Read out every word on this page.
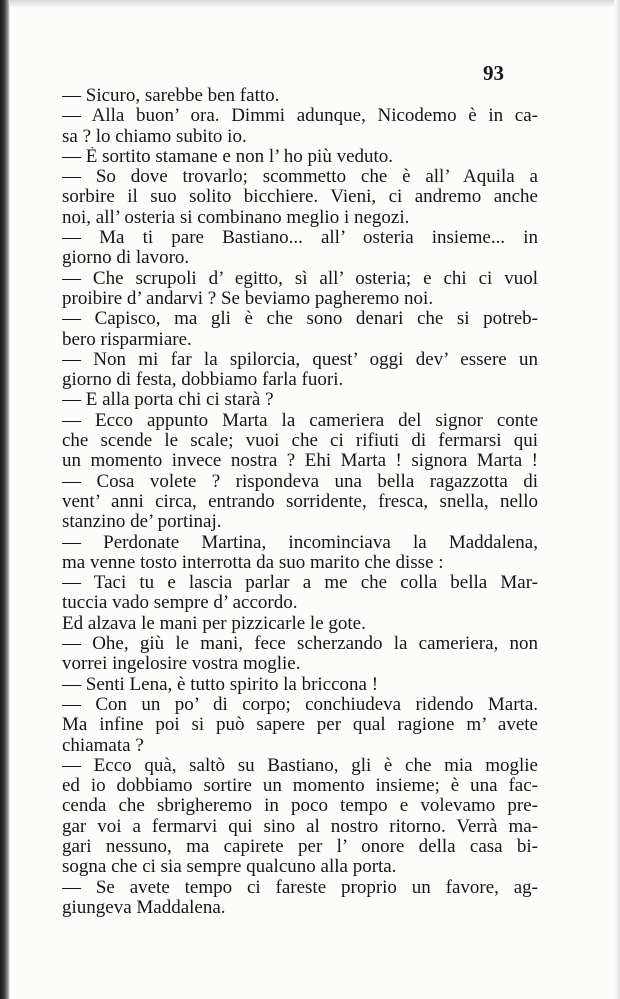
93
— Sicuro, sarebbe ben fatto.
— Alla buon’ ora. Dimmi adunque, Nicodemo è in ca-
sa ? lo chiamo subito io.
— È sortito stamane e non l’ ho più veduto.
— So dove trovarlo; scommetto che è all’ Aquila a
sorbire il suo solito bicchiere. Vieni, ci andremo anche
noi, all’ osteria si combinano meglio i negozi.
— Ma ti pare Bastiano... all’ osteria insieme... in
giorno di lavoro.
— Che scrupoli d’ egitto, sì all’ osteria; e chi ci vuol
proibire d’ andarvi ? Se beviamo pagheremo noi.
— Capisco, ma gli è che sono denari che si potreb-
bero risparmiare.
— Non mi far la spilorcia, quest’ oggi dev’ essere un
giorno di festa, dobbiamo farla fuori.
— E alla porta chi ci starà ?
— Ecco appunto Marta la cameriera del signor conte
che scende le scale; vuoi che ci rifiuti di fermarsi qui
un momento invece nostra ? Ehi Marta ! signora Marta !
— Cosa volete ? rispondeva una bella ragazzotta di
vent’ anni circa, entrando sorridente, fresca, snella, nello
stanzino de’ portinaj.
— Perdonate Martina, incominciava la Maddalena,
ma venne tosto interrotta da suo marito che disse :
— Taci tu e lascia parlar a me che colla bella Mar-
tuccia vado sempre d’ accordo.
Ed alzava le mani per pizzicarle le gote.
— Ohe, giù le mani, fece scherzando la cameriera, non
vorrei ingelosire vostra moglie.
— Senti Lena, è tutto spirito la briccona !
— Con un po’ di corpo; conchiudeva ridendo Marta.
Ma infine poi si può sapere per qual ragione m’ avete
chiamata ?
— Ecco quà, saltò su Bastiano, gli è che mia moglie
ed io dobbiamo sortire un momento insieme; è una fac-
cenda che sbrigheremo in poco tempo e volevamo pre-
gar voi a fermarvi qui sino al nostro ritorno. Verrà ma-
gari nessuno, ma capirete per l’ onore della casa bi-
sogna che ci sia sempre qualcuno alla porta.
— Se avete tempo ci fareste proprio un favore, ag-
giungeva Maddalena.
